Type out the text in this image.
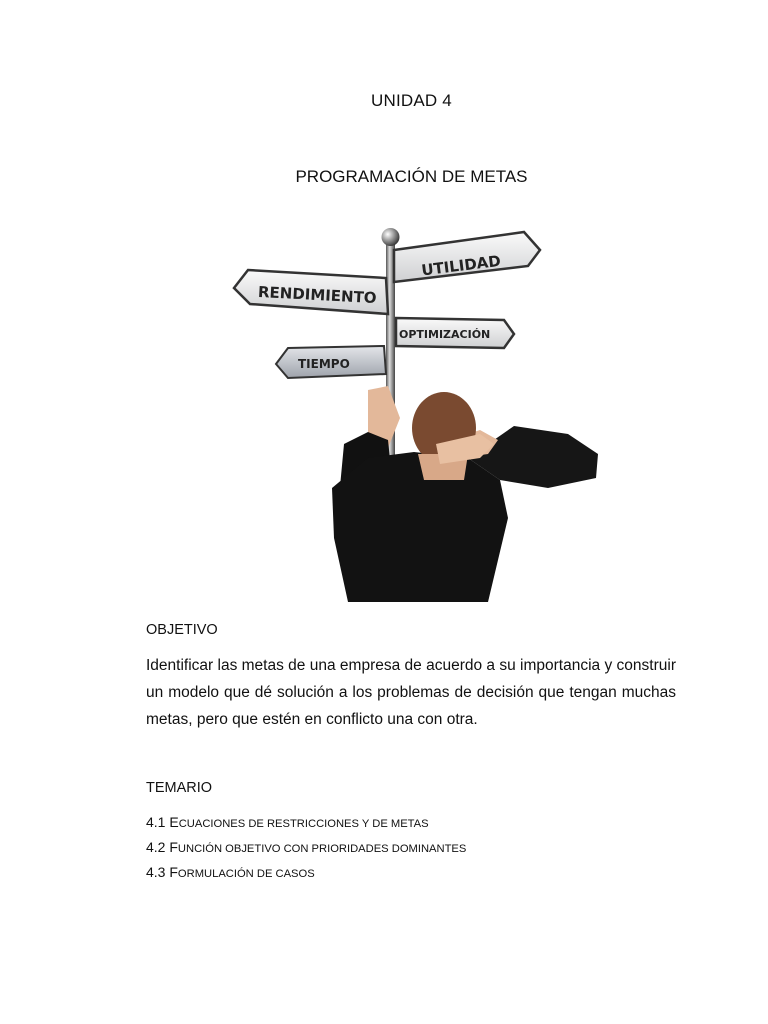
UNIDAD 4
PROGRAMACIÓN DE METAS
UTILIDAD
RENDIMIENTO
OPTIMIZACIÓN
TIEMPO
OBJETIVO
Identificar las metas de una empresa de acuerdo a su importancia y construir un modelo que dé solución a los problemas de decisión que tengan muchas metas, pero que estén en conflicto una con otra.
TEMARIO
4.1 ECUACIONES DE RESTRICCIONES Y DE METAS
4.2 FUNCIÓN OBJETIVO CON PRIORIDADES DOMINANTES
4.3 FORMULACIÓN DE CASOS
